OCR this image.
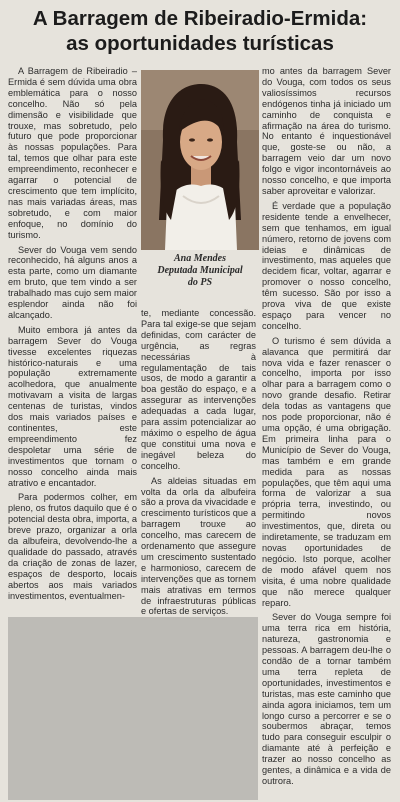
A Barragem de Ribeiradio-Ermida:
as oportunidades turísticas

A Barragem de Ribeiradio – Ermida é sem dúvida uma obra emblemática para o nosso concelho. Não só pela dimensão e visibilidade que trouxe, mas sobretudo, pelo futuro que pode proporcionar às nossas populações. Para tal, temos que olhar para este empreendimento, reconhecer e agarrar o potencial de crescimento que tem implícito, nas mais variadas áreas, mas sobretudo, e com maior enfoque, no domínio do turismo.

Sever do Vouga vem sendo reconhecido, há alguns anos a esta parte, como um diamante em bruto, que tem vindo a ser trabalhado mas cujo sem maior esplendor ainda não foi alcançado.

Muito embora já antes da barragem Sever do Vouga tivesse excelentes riquezas histórico-naturais e uma população extremamente acolhedora, que anualmente motivavam a visita de largas centenas de turistas, vindos dos mais variados países e continentes, este empreendimento fez despoletar uma série de investimentos que tornam o nosso concelho ainda mais atrativo e encantador.

Para podermos colher, em pleno, os frutos daquilo que é o potencial desta obra, importa, a breve prazo, organizar a orla da albufeira, devolvendo-lhe a qualidade do passado, através da criação de zonas de lazer, espaços de desporto, locais abertos aos mais variados investimentos, eventualmen-

Ana Mendes
Deputada Municipal
do PS

te, mediante concessão. Para tal exige-se que sejam definidas, com carácter de urgência, as regras necessárias à regulamentação de tais usos, de modo a garantir a boa gestão do espaço, e a assegurar as intervenções adequadas a cada lugar, para assim potencializar ao máximo o espelho de água que constitui uma nova e inegável beleza do concelho.

As aldeias situadas em volta da orla da albufeira são a prova da vivacidade e crescimento turísticos que a barragem trouxe ao concelho, mas carecem de ordenamento que assegure um crescimento sustentado e harmonioso, carecem de intervenções que as tornem mais atrativas em termos de infraestruturas públicas e ofertas de serviços.

mo antes da barragem Sever do Vouga, com todos os seus valiosíssimos recursos endógenos tinha já iniciado um caminho de conquista e afirmação na área do turismo. No entanto é inquestionável que, goste-se ou não, a barragem veio dar um novo folgo e vigor incontornáveis ao nosso concelho, e que importa saber aproveitar e valorizar.

É verdade que a população residente tende a envelhecer, sem que tenhamos, em igual número, retorno de jovens com ideias e dinâmicas de investimento, mas aqueles que decidem ficar, voltar, agarrar e promover o nosso concelho, têm sucesso. São por isso a prova viva de que existe espaço para vencer no concelho.

O turismo é sem dúvida a alavanca que permitirá dar nova vida e fazer renascer o concelho, importa por isso olhar para a barragem como o novo grande desafio. Retirar dela todas as vantagens que nos pode proporcionar, não é uma opção, é uma obrigação. Em primeira linha para o Município de Sever do Vouga, mas também e em grande medida para as nossas populações, que têm aqui uma forma de valorizar a sua própria terra, investindo, ou permitindo novos investimentos, que, direta ou indiretamente, se traduzam em novas oportunidades de negócio. Isto porque, acolher de modo afável quem nos visita, é uma nobre qualidade que não merece qualquer reparo.

Sever do Vouga sempre foi uma terra rica em história, natureza, gastronomia e pessoas. A barragem deu-lhe o condão de a tornar também uma terra repleta de oportunidades, investimentos e turistas, mas este caminho que ainda agora iniciamos, tem um longo curso a percorrer e se o soubermos abraçar, temos tudo para conseguir esculpir o diamante até à perfeição e trazer ao nosso concelho as gentes, a dinâmica e a vida de outrora.
